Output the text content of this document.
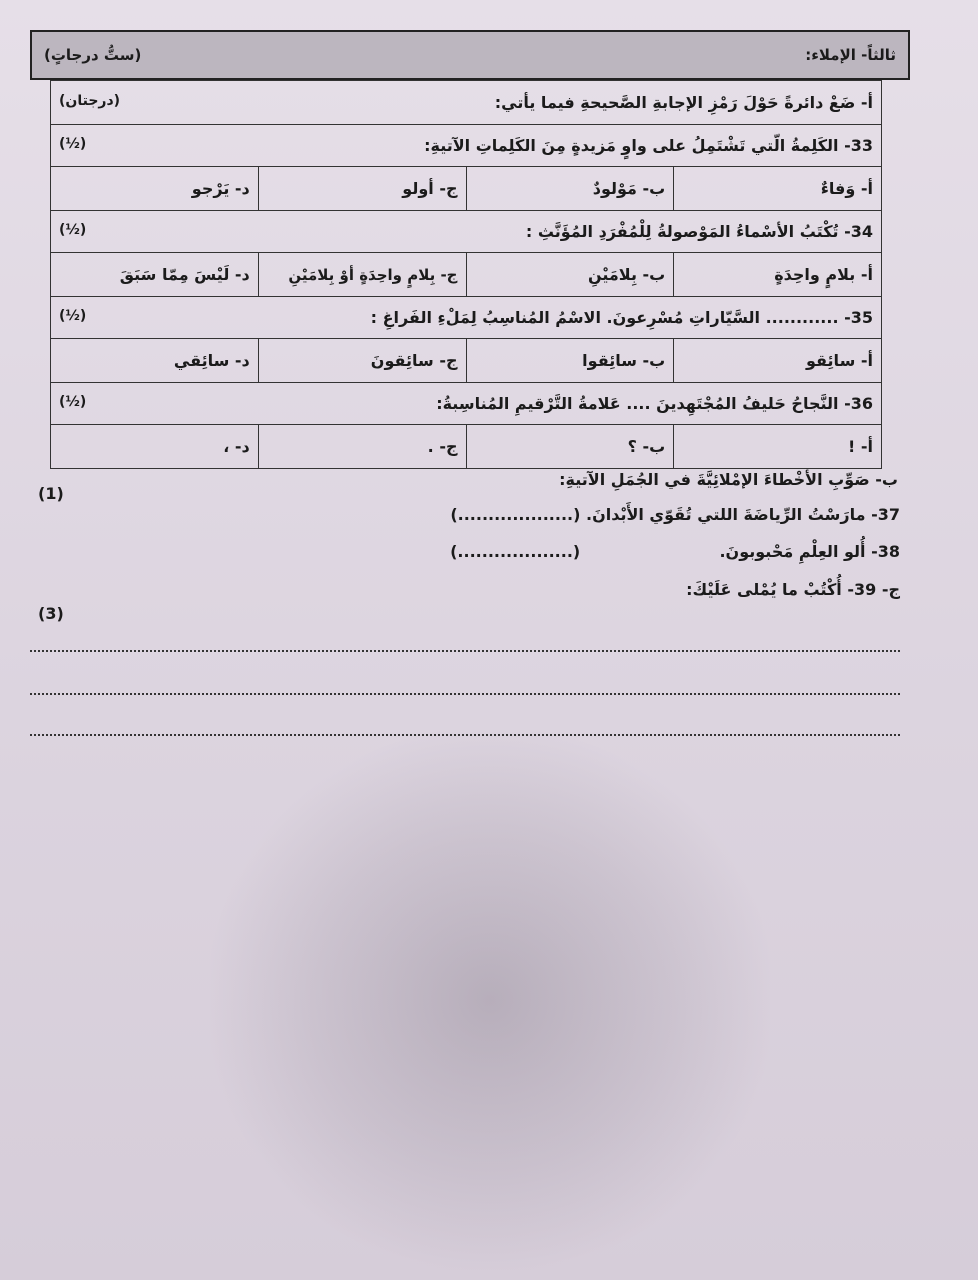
ثالثاً- الإملاء:
(ستُّ درجاتٍ)
أ- ضَعْ دائرةً حَوْلَ رَمْزِ الإجابةِ الصَّحيحةِ فيما يأتي:
(درجتان)			

33- الكَلِمةُ الّتي تَشْتَمِلُ على واوٍ مَزيدةٍ مِنَ الكَلِماتِ الآتيةِ:
(½)			

أ- وَفاءٌ	ب- مَوْلودٌ	ج- أولو	د- يَرْجو
34- تُكْتَبُ الأسْماءُ المَوْصولةُ لِلْمُفْرَدِ المُؤَنَّثِ :
(½)			

أ- بلامٍ واحِدَةٍ	ب- بِلامَيْنِ	ج- بِلامٍ واحِدَةٍ أوْ بِلامَيْنِ	د- لَيْسَ مِمّا سَبَقَ
35- ............ السَّيّاراتِ مُسْرِعونَ. الاسْمُ المُناسِبُ لِمَلْءِ الفَراغِ :
(½)			

أ- سائِقو	ب- سائِقوا	ج- سائِقونَ	د- سائِقي
36- النَّجاحُ حَليفُ المُجْتَهِدينَ .... عَلامةُ التَّرْقيمِ المُناسِبةُ:
(½)			

أ- !	ب- ؟	ج- .	د- ،
ب- صَوِّبِ الأخْطاءَ الإمْلائِيَّةَ في الجُمَلِ الآتيةِ:
(1)
37- مارَسْتُ الرِّياضَةَ اللتي تُقَوّي الأَبْدانَ. (...................)
38- أُلو العِلْمِ مَحْبوبونَ.                         (...................)
ج- 39- أُكْتُبْ ما يُمْلى عَلَيْكَ:
(3)
